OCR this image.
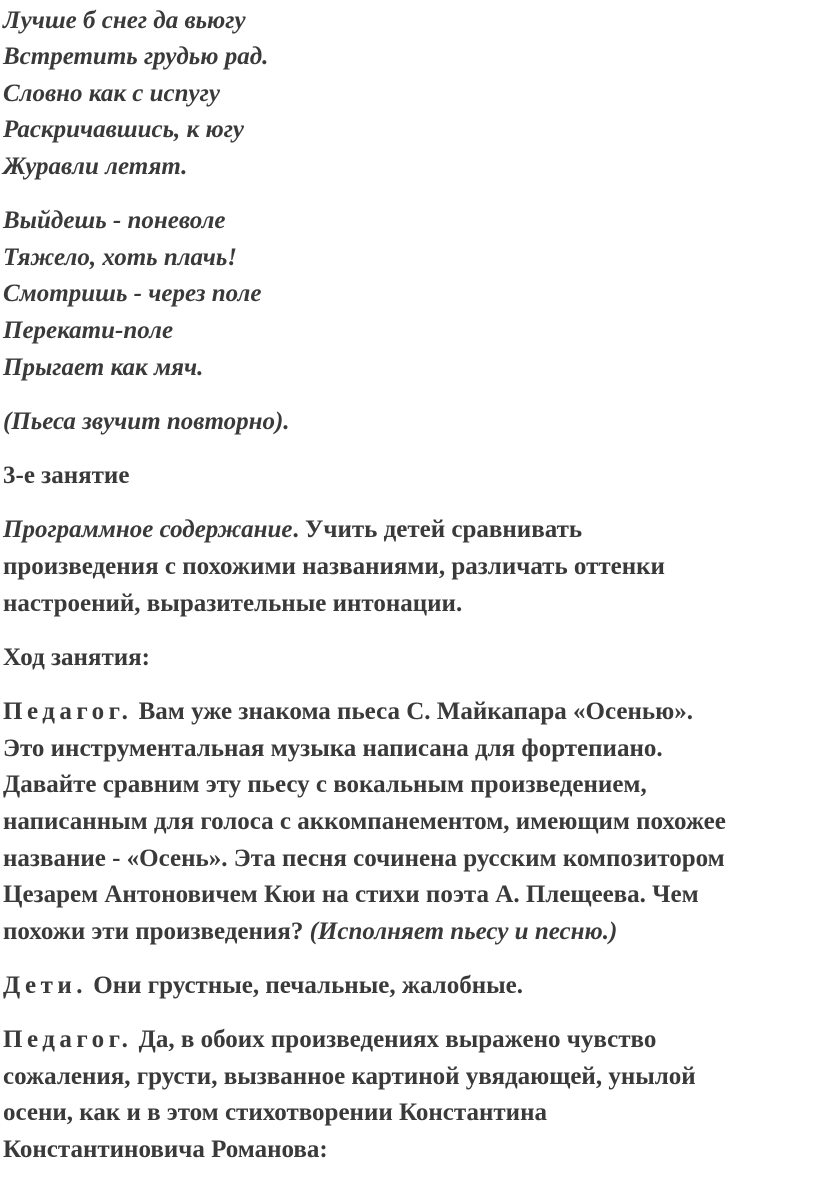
Лучше б снег да вьюгу
Встретить грудью рад.
Словно как с испугу
Раскричавшись, к югу
Журавли летят.
Выйдешь - поневоле
Тяжело, хоть плачь!
Смотришь - через поле
Перекати-поле
Прыгает как мяч.
(Пьеса звучит повторно).
3-е занятие
Программное содержание. Учить детей сравнивать
произведения с похожими названиями, различать оттенки
настроений, выразительные интонации.
Ход занятия:
Педагог. Вам уже знакома пьеса С. Майкапара «Осенью».
Это инструментальная музыка написана для фортепиано.
Давайте сравним эту пьесу с вокальным произведением,
написанным для голоса с аккомпанементом, имеющим похожее
название - «Осень». Эта песня сочинена русским композитором
Цезарем Антоновичем Кюи на стихи поэта А. Плещеева. Чем
похожи эти произведения? (Исполняет пьесу и песню.)
Дети. Они грустные, печальные, жалобные.
Педагог. Да, в обоих произведениях выражено чувство
сожаления, грусти, вызванное картиной увядающей, унылой
осени, как и в этом стихотворении Константина
Константиновича Романова:
